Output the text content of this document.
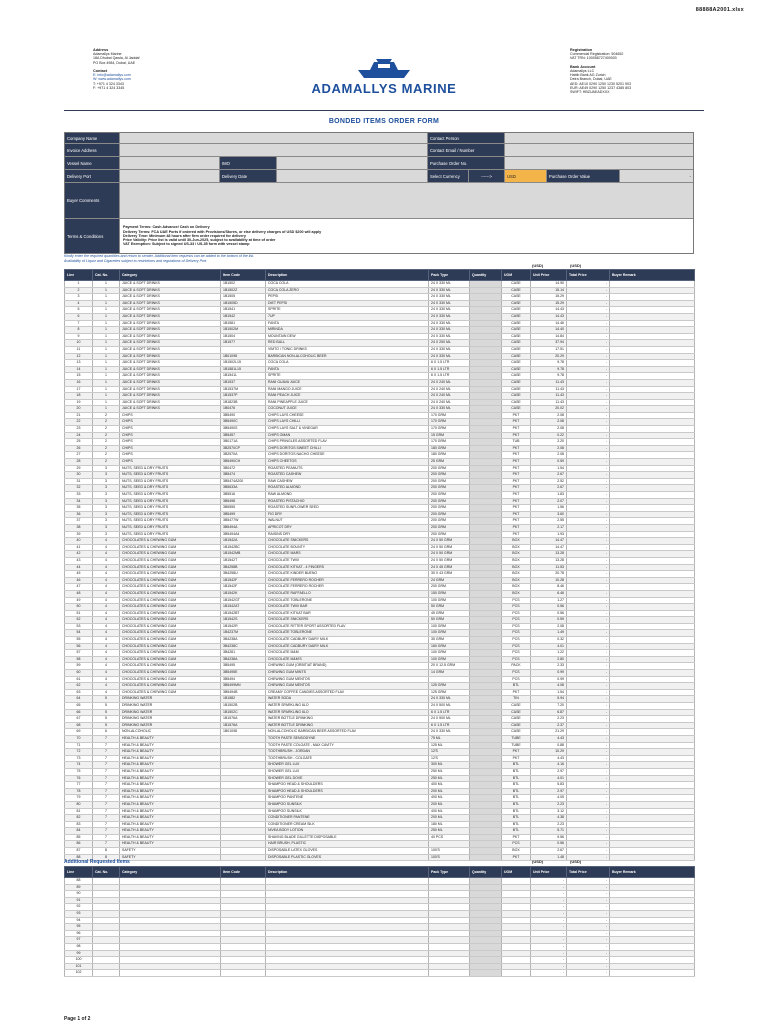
88888A2001.xlsx
Address
Adamallys Marine
18A Dhubai Qawla, Al Jaddaf
PO Box 4984, Dubai, UAE

Contact
E: info@adamallys.com
W: www.adamallys.com
T: +971 4 324 3343
F: +971 4 324 3345	ADAMALLYS MARINE
Registration
Commercial Registration: 504652
VAT TRN: 100058727400003

Bank Account
Adamallys LLC
Habib Bank AG Zurich
Deira Branch, Dubai, UAE
AED: AE10 0290 1250 1230 5201 903
EUR: AE49 0290 1250 1237 4385 803
SWIFT: HBZUAEADXXX
BONDED ITEMS ORDER FORM
Company Name	Contact Person
Invoice Address	Contact Email / Number
Vessel Name	IMO	Purchase Order No.
Delivery Port	Delivery Date	Select Currency	------>	USD	Purchase Order Value	-
Buyer Comments
Terms & Conditions
Payment Terms: Cash Advance/ Cash on Delivery
Delivery Terms: FCA UAE Ports if ordered with Provisions/Stores, or else delivery charges of USD $200 will apply
Delivery Time: Minimum 48 hours after firm order required for delivery
Price Validity: Price list is valid until 30-Jun-2025, subject to availability at time of order
VAT Exemption: Subject to signed US-33 / US-35 form with vessel stamp
Kindly enter the required quantities and return to sender. Additional item requests can be added to the bottom of the list.
Availability of Liquor and Cigarettes subject to restrictions and regulations of Delivery Port.
(USD)	(USD)
Line	Cat. No.	Category	Item Code	Description	Pack Type	Quantity	UOM	Unit Price	Total Price	Buyer Remark
1	1	JUICE & SOFT DRINKS	1B1502	COCA COLA	24 X 330 ML		CASE	14.90	-	
2	1	JUICE & SOFT DRINKS	1B1502Z	COCA COLA ZERO	24 X 330 ML		CASE	15.14	-	
3	1	JUICE & SOFT DRINKS	1B1505	PEPSI	24 X 330 ML		CASE	15.29	-	
4	1	JUICE & SOFT DRINKS	1B1505D	DIET PEPSI	24 X 330 ML		CASE	15.29	-	
5	1	JUICE & SOFT DRINKS	1B1541	SPRITE	24 X 330 ML		CASE	14.43	-	
6	1	JUICE & SOFT DRINKS	1B1542	7UP	24 X 330 ML		CASE	14.43	-	
7	1	JUICE & SOFT DRINKS	1B1581	FANTA	24 X 330 ML		CASE	14.46	-	
8	1	JUICE & SOFT DRINKS	1B1502M	MIRINDA	24 X 330 ML		CASE	14.40	-	
9	1	JUICE & SOFT DRINKS	1B1504	MOUNTAIN DEW	24 X 330 ML		CASE	14.84	-	
10	1	JUICE & SOFT DRINKS	1B1577	RED BULL	24 X 250 ML		CASE	37.94	-	
11	1	JUICE & SOFT DRINKS		VIMTO / TONIC DRINKS	24 X 330 ML		CASE	17.51	-	
12	1	JUICE & SOFT DRINKS	1B01098	BARBICAN NON-ALCOHOLIC BEER	24 X 330 ML		CASE	20.29	-	
13	1	JUICE & SOFT DRINKS	1B1502L15	COCA COLA	6 X 1.5 LTR		CASE	9.78	-	
14	1	JUICE & SOFT DRINKS	1B1581L15	FANTA	6 X 1.5 LTR		CASE	9.78	-	
15	1	JUICE & SOFT DRINKS	1B1541L	SPRITE	6 X 1.5 LTR		CASE	9.78	-	
16	1	JUICE & SOFT DRINKS	1B1537	RANI GUAVA JUICE	24 X 240 ML		CASE	11.43	-	
17	1	JUICE & SOFT DRINKS	1B1537M	RANI MANGO JUICE	24 X 240 ML		CASE	11.43	-	
18	1	JUICE & SOFT DRINKS	1B1537P	RANI PEACH JUICE	24 X 240 ML		CASE	11.43	-	
19	1	JUICE & SOFT DRINKS	1B1823B	RANI PINEAPPLE JUICE	24 X 240 ML		CASE	11.43	-	
20	1	JUICE & SOFT DRINKS	1B0476	COCONUT JUICE	24 X 330 ML		CASE	20.02	-	
21	2	CHIPS	3B5490	CHIPS LAYS CHEESE	170 GRM		PKT	2.08	-	
22	2	CHIPS	3B5490C	CHIPS LAYS CHILLI	170 GRM		PKT	2.08	-	
23	2	CHIPS	3B5490S	CHIPS LAYS SALT & VINEGAR	170 GRM		PKT	2.08	-	
24	2	CHIPS	3B5457	CHIPS OMAN	15 GRM		PKT	0.22	-	
25	2	CHIPS	3B0171A	CHIPS PRINGLES ASSORTED FLAV	170 GRM		TUB	2.20	-	
26	2	CHIPS	3B2570CP	CHIPS DORITOS SWEET CHILLI	180 GRM		PKT	2.08	-	
27	2	CHIPS	3B2570A	CHIPS DORITOS NACHO CHEESE	180 GRM		PKT	2.08	-	
28	2	CHIPS	3B5490CH	CHIPS CHEETOS	25 GRM		PKT	0.59	-	
29	3	NUTS, SEED & DRY FRUITS	3B0472	ROASTED PEANUTS	200 GRM		PKT	1.54	-	
30	3	NUTS, SEED & DRY FRUITS	3B5474	ROASTED CASHEW	200 GRM		PKT	2.67	-	
31	3	NUTS, SEED & DRY FRUITS	3B5474A200	RAW CASHEW	200 GRM		PKT	2.52	-	
32	3	NUTS, SEED & DRY FRUITS	3B5633A	ROASTED ALMOND	200 GRM		PKT	2.67	-	
33	3	NUTS, SEED & DRY FRUITS	3B5516	RAW ALMOND	200 GRM		PKT	1.83	-	
34	3	NUTS, SEED & DRY FRUITS	3B5498	ROASTED PISTACHIO	200 GRM		PKT	2.07	-	
35	3	NUTS, SEED & DRY FRUITS	3B5555	ROASTED SUNFLOWER SEED	200 GRM		PKT	1.56	-	
36	3	NUTS, SEED & DRY FRUITS	3B5499	FIG DRY	200 GRM		PKT	3.60	-	
37	3	NUTS, SEED & DRY FRUITS	3B5477W	WALNUT	200 GRM		PKT	2.55	-	
38	3	NUTS, SEED & DRY FRUITS	3B5494A	APRICOT DRY	200 GRM		PKT	2.17	-	
39	3	NUTS, SEED & DRY FRUITS	3B5494A4	RAISINS DRY	200 GRM		PKT	1.93	-	
40	4	CHOCOLATES & CHEWING GUM	1B1542A	CHOCOLATE SNICKERS	24 X 50 GRM		BOX	14.47	-	
41	4	CHOCOLATES & CHEWING GUM	1B1542BC	CHOCOLATE BOUNTY	24 X 50 GRM		BOX	14.47	-	
42	4	CHOCOLATES & CHEWING GUM	1B1542MB	CHOCOLATE MARS	24 X 50 GRM		BOX	13.28	-	
43	4	CHOCOLATES & CHEWING GUM	1B1542T	CHOCOLATE TWIX	24 X 50 GRM		BOX	13.28	-	
44	4	CHOCOLATES & CHEWING GUM	3B4258B	CHOCOLATE KITKAT - 4 FINGERS	24 X 45 GRM		BOX	11.53	-	
45	4	CHOCOLATES & CHEWING GUM	3B4258U	CHOCOLATE KINDER BUENO	30 X 43 GRM		BOX	20.78	-	
46	4	CHOCOLATES & CHEWING GUM	1B1542F	CHOCOLATE FERRERO ROCHER	24 GRM		BOX	10.28	-	
47	4	CHOCOLATES & CHEWING GUM	1B1542F	CHOCOLATE FERRERO ROCHER	200 GRM		BOX	8.46	-	
48	4	CHOCOLATES & CHEWING GUM	1B1542K	CHOCOLATE RAFFAELLO	150 GRM		BOX	6.46	-	
49	4	CHOCOLATES & CHEWING GUM	1B1542GT	CHOCOLATE TOBLERONE	100 GRM		PCS	1.27	-	
50	4	CHOCOLATES & CHEWING GUM	1B1542AT	CHOCOLATE TWIX BAR	50 GRM		PCS	0.56	-	
51	4	CHOCOLATES & CHEWING GUM	1B1542BT	CHOCOLATE KITKAT BAR	45 GRM		PCS	0.56	-	
52	4	CHOCOLATES & CHEWING GUM	1B1542S	CHOCOLATE SNICKERS	50 GRM		PCS	0.59	-	
53	4	CHOCOLATES & CHEWING GUM	1B1542R	CHOCOLATE RITTER SPORT ASSORTED FLAV	100 GRM		PCS	2.08	-	
54	4	CHOCOLATES & CHEWING GUM	1B4237M	CHOCOLATE TOBLERONE	100 GRM		PCS	1.49	-	
55	4	CHOCOLATES & CHEWING GUM	3B4238A	CHOCOLATE CADBURY DAIRY MILK	35 GRM		PCS	0.32	-	
56	4	CHOCOLATES & CHEWING GUM	3B4238C	CHOCOLATE CADBURY DAIRY MILK	160 GRM		PCS	4.01	-	
57	4	CHOCOLATES & CHEWING GUM	3B4281	CHOCOLATE M&M	100 GRM		PCS	1.22	-	
58	4	CHOCOLATES & CHEWING GUM	3B4238A	CHOCOLATE M&M'S	100 GRM		PCS	2.80	-	
59	4	CHOCOLATES & CHEWING GUM	3B5495	CHEWING GUM (ORBIT/AT BRAND)	20 X 12.5 GRM		PACK	2.33	-	
60	4	CHOCOLATES & CHEWING GUM	3B5495E	CHEWING GUM MINTS	14 GRM		PCS	0.99	-	
61	4	CHOCOLATES & CHEWING GUM	3B5494	CHEWING GUM MENTOS			PCS	0.99	-	
62	4	CHOCOLATES & CHEWING GUM	3B5499MN	CHEWING GUM MENTOS	125 GRM		BTL	4.08	-	
63	4	CHOCOLATES & CHEWING GUM	3B5494B	CREAMY COFFEE CANDIES ASSORTED FLAV	125 GRM		PKT	1.54	-	
64	5	DRINKING WATER	1B1582	WATER SODA	24 X 330 ML		TIN	5.94	-	
65	5	DRINKING WATER	1B1502B	WATER SPARKLING 6LO	24 X 500 ML		CASE	7.20	-	
66	5	DRINKING WATER	1B1502C	WATER SPARKLING 6LO	6 X 1.5 LTR		CASE	6.87	-	
67	5	DRINKING WATER	1B1576A	WATER BOTTLE DRINKING	24 X 500 ML		CASE	2.23	-	
68	5	DRINKING WATER	1B1576A	WATER BOTTLE DRINKING	6 X 1.5 LTR		CASE	2.37	-	
69	6	NON-ALCOHOLIC	1B01098	NON-ALCOHOLIC BARBICAN BEER ASSORTED FLAV	24 X 330 ML		CASE	21.29	-	
70	7	HEALTH & BEAUTY		TOOTH PASTE SENSODYNE	75 ML		TUBE	4.43	-	
71	7	HEALTH & BEAUTY		TOOTH PASTE COLGATE - MAX CAVITY	125 ML		TUBE	0.88	-	
72	7	HEALTH & BEAUTY		TOOTHBRUSH - JORDAN	12'S		PKT	10.29	-	
73	7	HEALTH & BEAUTY		TOOTHBRUSH - COLGATE	12'S		PKT	4.43	-	
74	7	HEALTH & BEAUTY		SHOWER GEL LUX	300 ML		BTL	4.16	-	
75	7	HEALTH & BEAUTY		SHOWER GEL LUX	250 ML		BTL	2.97	-	
76	7	HEALTH & BEAUTY		SHOWER GEL DOVE	250 ML		BTL	4.01	-	
77	7	HEALTH & BEAUTY		SHAMPOO HEAD & SHOULDERS	400 ML		BTL	5.83	-	
78	7	HEALTH & BEAUTY		SHAMPOO HEAD & SHOULDERS	200 ML		BTL	2.97	-	
79	7	HEALTH & BEAUTY		SHAMPOO PANTENE	400 ML		BTL	4.05	-	
80	7	HEALTH & BEAUTY		SHAMPOO SUNSILK	200 ML		BTL	2.23	-	
81	7	HEALTH & BEAUTY		SHAMPOO SUNSILK	400 ML		BTL	3.12	-	
82	7	HEALTH & BEAUTY		CONDITIONER PANTENE	200 ML		BTL	4.38	-	
83	7	HEALTH & BEAUTY		CONDITIONER CREAM SILK	180 ML		BTL	2.23	-	
84	7	HEALTH & BEAUTY		NIVEA BODY LOTION	250 ML		BTL	5.71	-	
85	7	HEALTH & BEAUTY		SHAVING BLADE GILLETTE DISPOSABLE	40 PCS		PKT	9.56	-	
86	7	HEALTH & BEAUTY		HAIR BRUSH, PLASTIC			PCS	0.56	-	
87	8	SAFETY		DISPOSABLE LATEX GLOVES	100'S		BOX	2.67	-	
88	8	SAFETY		DISPOSABLE PLASTIC GLOVES	100'S		PKT	1.48	-	
Additional Requested Items	(USD)	(USD)
Line	Cat. No.	Category	Item Code	Description	Pack Type	Quantity	UOM	Unit Price	Total Price	Buyer Remark
88								-	-	
89								-	-	
90								-	-	
91								-	-	
92								-	-	
93								-	-	
94								-	-	
95								-	-	
96								-	-	
97								-	-	
98								-	-	
99								-	-	
100								-	-	
101								-	-	
102								-	-	
Page 1 of 2
